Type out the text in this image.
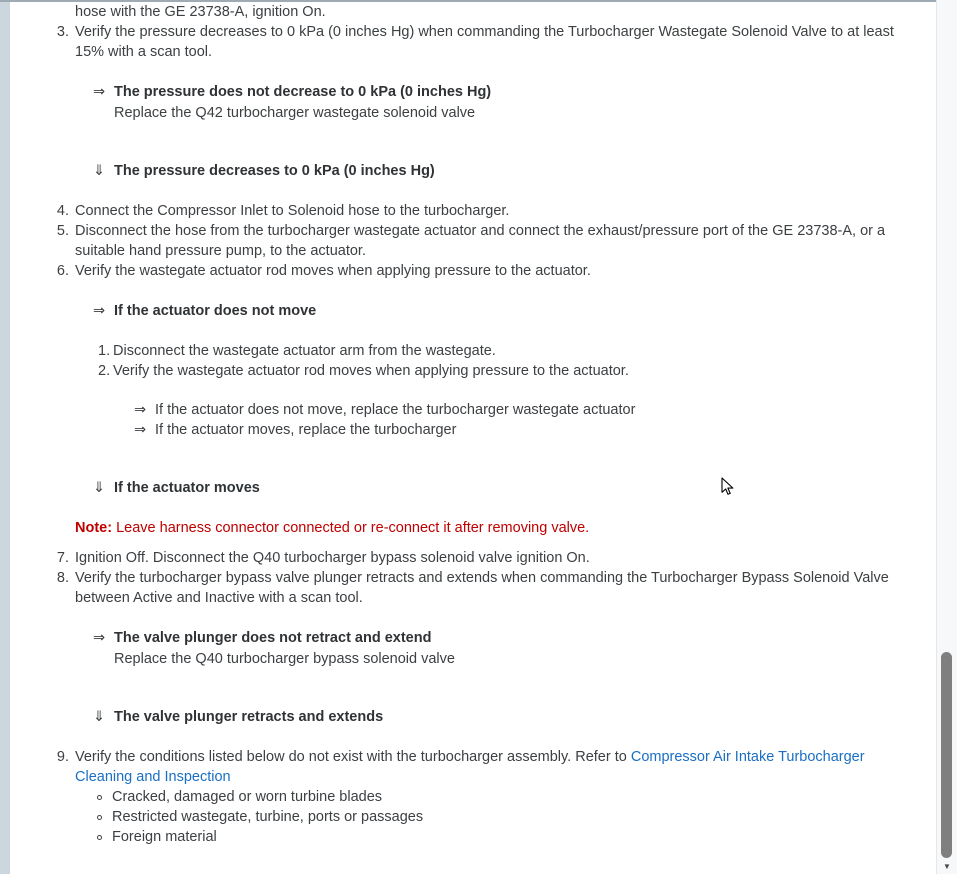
hose with the GE 23738-A, ignition On.
3. Verify the pressure decreases to 0 kPa (0 inches Hg) when commanding the Turbocharger Wastegate Solenoid Valve to at least 15% with a scan tool.
⇒ The pressure does not decrease to 0 kPa (0 inches Hg)
Replace the Q42 turbocharger wastegate solenoid valve
⇓ The pressure decreases to 0 kPa (0 inches Hg)
4. Connect the Compressor Inlet to Solenoid hose to the turbocharger.
5. Disconnect the hose from the turbocharger wastegate actuator and connect the exhaust/pressure port of the GE 23738-A, or a suitable hand pressure pump, to the actuator.
6. Verify the wastegate actuator rod moves when applying pressure to the actuator.
⇒ If the actuator does not move
1. Disconnect the wastegate actuator arm from the wastegate.
2. Verify the wastegate actuator rod moves when applying pressure to the actuator.
⇒ If the actuator does not move, replace the turbocharger wastegate actuator
⇒ If the actuator moves, replace the turbocharger
⇓ If the actuator moves
Note: Leave harness connector connected or re-connect it after removing valve.
7. Ignition Off. Disconnect the Q40 turbocharger bypass solenoid valve ignition On.
8. Verify the turbocharger bypass valve plunger retracts and extends when commanding the Turbocharger Bypass Solenoid Valve between Active and Inactive with a scan tool.
⇒ The valve plunger does not retract and extend
Replace the Q40 turbocharger bypass solenoid valve
⇓ The valve plunger retracts and extends
9. Verify the conditions listed below do not exist with the turbocharger assembly. Refer to Compressor Air Intake Turbocharger Cleaning and Inspection
Cracked, damaged or worn turbine blades
Restricted wastegate, turbine, ports or passages
Foreign material
▼
